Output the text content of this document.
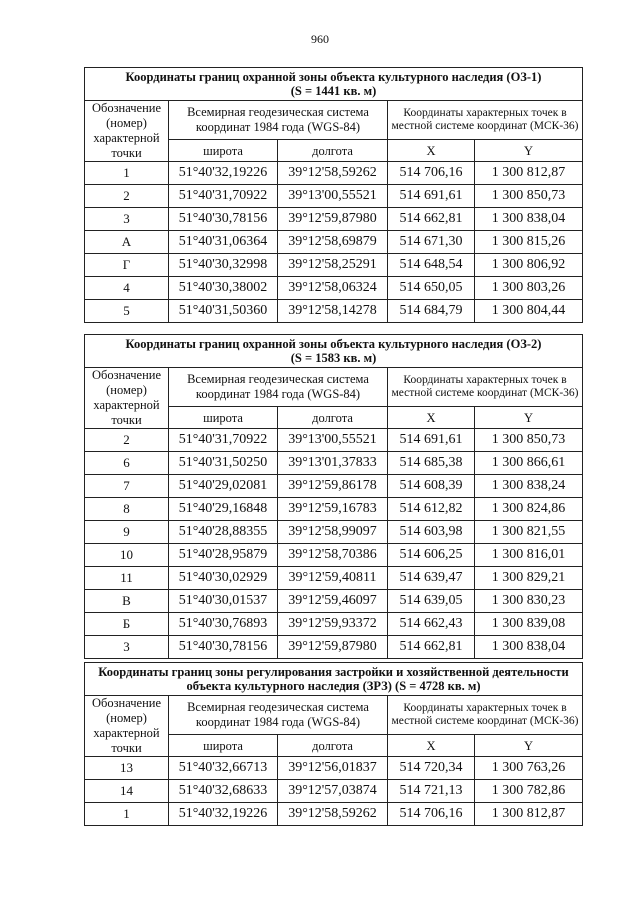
960
Координаты границ охранной зоны объекта культурного наследия (ОЗ-1)
(S = 1441 кв. м)				

Обозначение (номер) характерной точки	Всемирная геодезическая система координат 1984 года (WGS-84)		Координаты характерных точек в местной системе координат (МСК-36)	
	широта	долгота	X	Y
1	51°40'32,19226	39°12'58,59262	514 706,16	1 300 812,87
2	51°40'31,70922	39°13'00,55521	514 691,61	1 300 850,73
3	51°40'30,78156	39°12'59,87980	514 662,81	1 300 838,04
А	51°40'31,06364	39°12'58,69879	514 671,30	1 300 815,26
Г	51°40'30,32998	39°12'58,25291	514 648,54	1 300 806,92
4	51°40'30,38002	39°12'58,06324	514 650,05	1 300 803,26
5	51°40'31,50360	39°12'58,14278	514 684,79	1 300 804,44
Координаты границ охранной зоны объекта культурного наследия (ОЗ-2)
(S = 1583 кв. м)				

Обозначение (номер) характерной точки	Всемирная геодезическая система координат 1984 года (WGS-84)		Координаты характерных точек в местной системе координат (МСК-36)	
	широта	долгота	X	Y
2	51°40'31,70922	39°13'00,55521	514 691,61	1 300 850,73
6	51°40'31,50250	39°13'01,37833	514 685,38	1 300 866,61
7	51°40'29,02081	39°12'59,86178	514 608,39	1 300 838,24
8	51°40'29,16848	39°12'59,16783	514 612,82	1 300 824,86
9	51°40'28,88355	39°12'58,99097	514 603,98	1 300 821,55
10	51°40'28,95879	39°12'58,70386	514 606,25	1 300 816,01
11	51°40'30,02929	39°12'59,40811	514 639,47	1 300 829,21
В	51°40'30,01537	39°12'59,46097	514 639,05	1 300 830,23
Б	51°40'30,76893	39°12'59,93372	514 662,43	1 300 839,08
3	51°40'30,78156	39°12'59,87980	514 662,81	1 300 838,04
Координаты границ зоны регулирования застройки и хозяйственной деятельности объекта культурного наследия (ЗРЗ) (S = 4728 кв. м)				

Обозначение (номер) характерной точки	Всемирная геодезическая система координат 1984 года (WGS-84)		Координаты характерных точек в местной системе координат (МСК-36)	
	широта	долгота	X	Y
13	51°40'32,66713	39°12'56,01837	514 720,34	1 300 763,26
14	51°40'32,68633	39°12'57,03874	514 721,13	1 300 782,86
1	51°40'32,19226	39°12'58,59262	514 706,16	1 300 812,87
